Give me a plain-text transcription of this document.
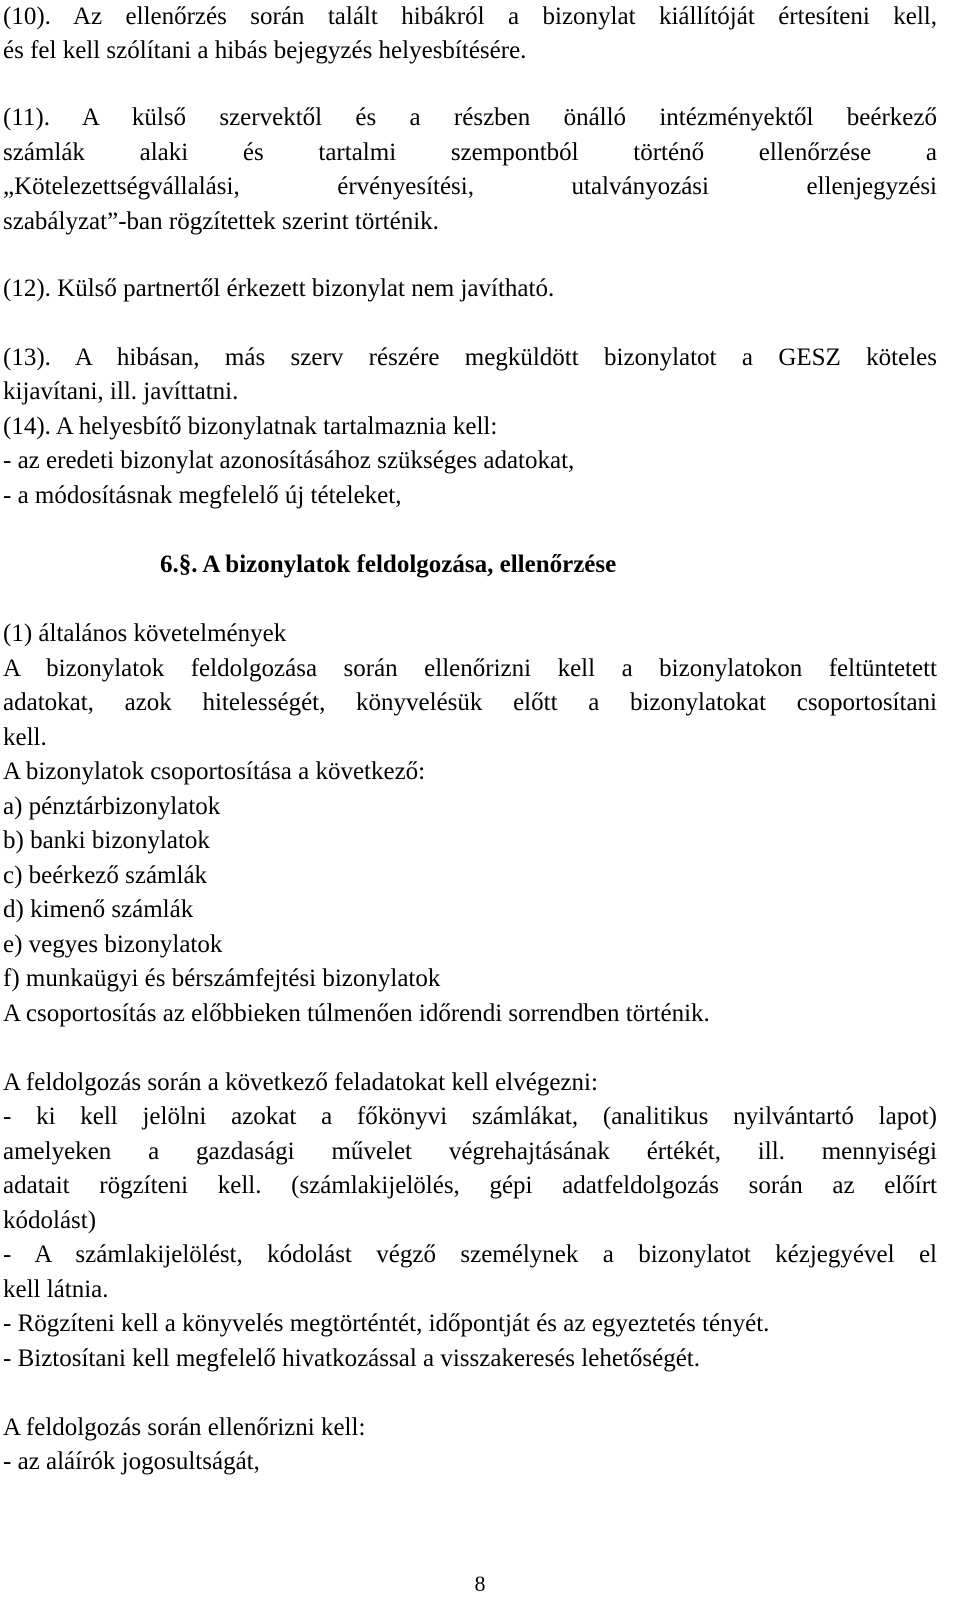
(10). Az ellenőrzés során talált hibákról a bizonylat kiállítóját értesíteni kell,

és fel kell szólítani a hibás bejegyzés helyesbítésére.

(11). A külső szervektől és a részben önálló intézményektől beérkező

számlák alaki és tartalmi szempontból történő ellenőrzése a

„Kötelezettségvállalási, érvényesítési, utalványozási ellenjegyzési

szabályzat”-ban rögzítettek szerint történik.

(12). Külső partnertől érkezett bizonylat nem javítható.

(13). A hibásan, más szerv részére megküldött bizonylatot a GESZ köteles

kijavítani, ill. javíttatni.

(14). A helyesbítő bizonylatnak tartalmaznia kell:

- az eredeti bizonylat azonosításához szükséges adatokat,

- a módosításnak megfelelő új tételeket,

6.§. A bizonylatok feldolgozása, ellenőrzése

(1) általános követelmények

A bizonylatok feldolgozása során ellenőrizni kell a bizonylatokon feltüntetett

adatokat, azok hitelességét, könyvelésük előtt a bizonylatokat csoportosítani

kell.

A bizonylatok csoportosítása a következő:

a) pénztárbizonylatok

b) banki bizonylatok

c) beérkező számlák

d) kimenő számlák

e) vegyes bizonylatok

f) munkaügyi és bérszámfejtési bizonylatok

A csoportosítás az előbbieken túlmenően időrendi sorrendben történik.

A feldolgozás során a következő feladatokat kell elvégezni:

- ki kell jelölni azokat a főkönyvi számlákat, (analitikus nyilvántartó lapot)

amelyeken a gazdasági művelet végrehajtásának értékét, ill. mennyiségi

adatait rögzíteni kell. (számlakijelölés, gépi adatfeldolgozás során az előírt

kódolást)

- A számlakijelölést, kódolást végző személynek a bizonylatot kézjegyével el

kell látnia.

- Rögzíteni kell a könyvelés megtörténtét, időpontját és az egyeztetés tényét.

- Biztosítani kell megfelelő hivatkozással a visszakeresés lehetőségét.

A feldolgozás során ellenőrizni kell:

- az aláírók jogosultságát,

8
